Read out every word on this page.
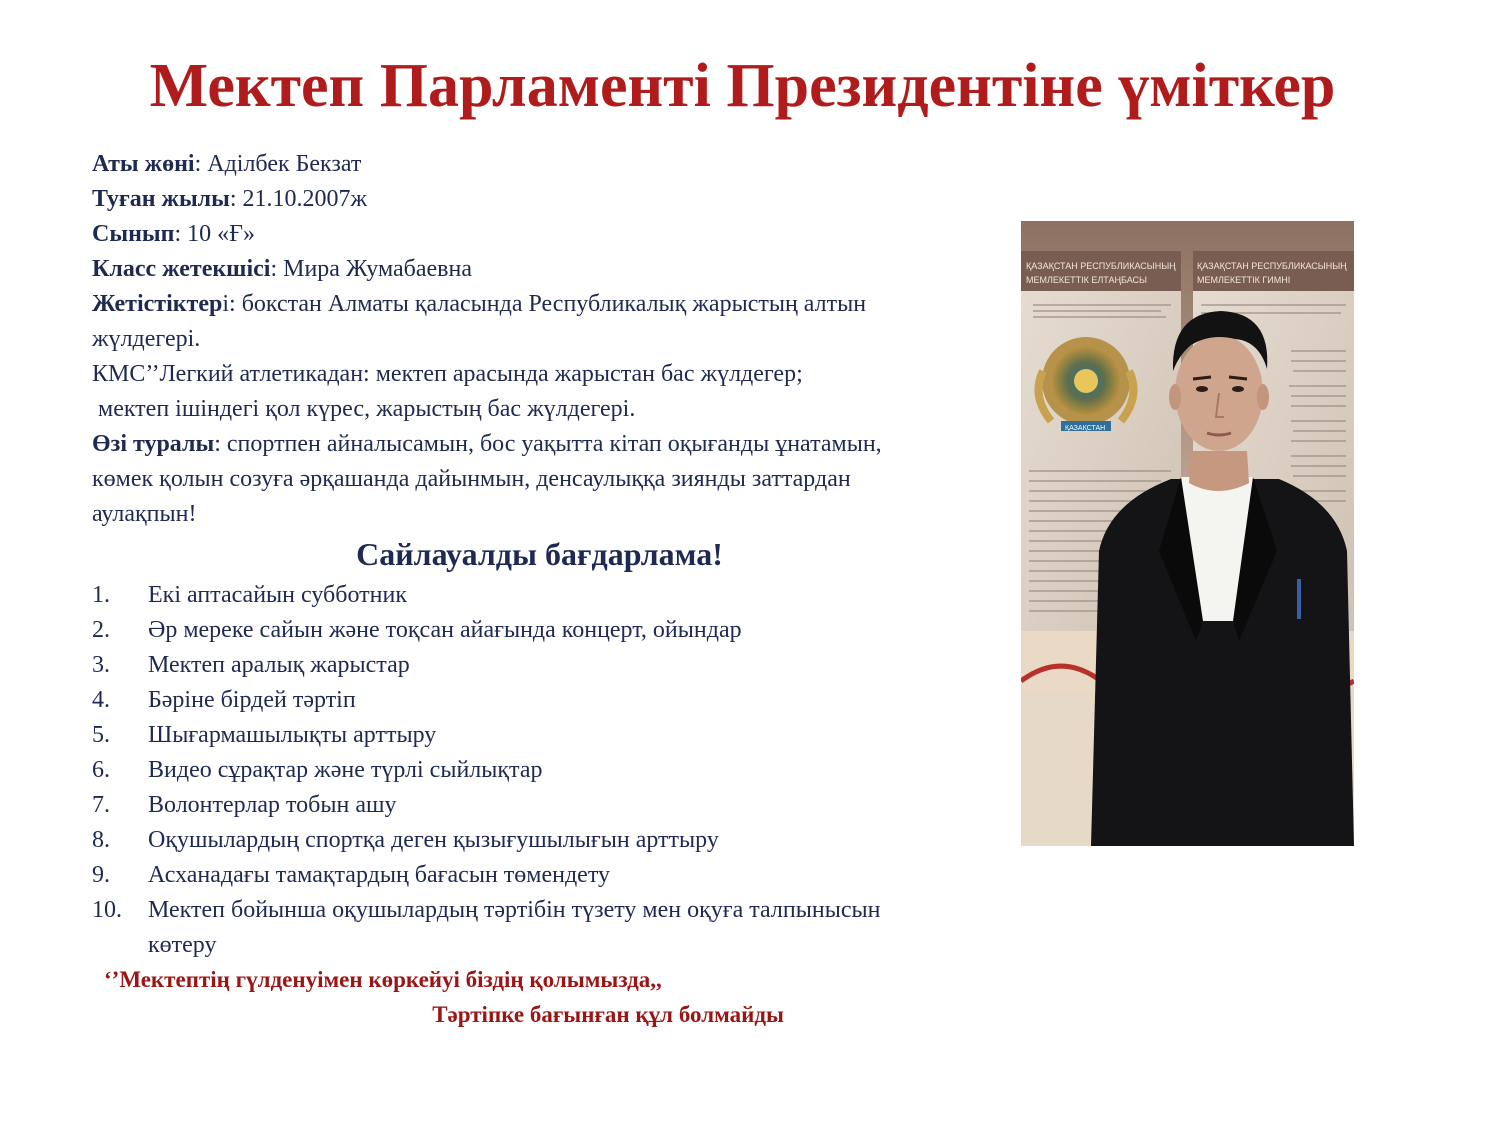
Мектеп Парламенті Президентіне үміткер

Аты жөні: Аділбек Бекзат

Туған жылы: 21.10.2007ж

Сынып: 10 «Ғ»

Класс жетекшісі: Мира Жумабаевна

Жетістіктері: бокстан Алматы қаласында Республикалық жарыстың алтын жүлдегері.

КМС’’Легкий атлетикадан: мектеп арасында жарыстан бас жүлдегер;

мектеп ішіндегі қол күрес, жарыстың бас жүлдегері.

Өзі туралы: спортпен айналысамын, бос уақытта кітап оқығанды ұнатамын, көмек қолын созуға әрқашанда дайынмын, денсаулыққа зиянды заттардан аулақпын!

Сайлауалды бағдарлама!
1.	Екі аптасайын субботник
2.	Әр мереке сайын және тоқсан айағында концерт, ойындар
3.	Мектеп аралық жарыстар
4.	Бәріне бірдей тәртіп
5.	Шығармашылықты арттыру
6.	Видео сұрақтар және түрлі сыйлықтар
7.	Волонтерлар тобын ашу
8.	Оқушылардың спортқа деген қызығушылығын арттыру
9.	Асханадағы тамақтардың бағасын төмендету
10.	Мектеп бойынша оқушылардың тәртібін түзету мен оқуға талпынысын көтеру

‘’Мектептің гүлденуімен көркейуі біздің қолымызда,,

Тәртіпке бағынған құл болмайды

ҚАЗАҚСТАН РЕСПУБЛИКАСЫНЫҢ
МЕМЛЕКЕТТІК ЕЛТАҢБАСЫ
ҚАЗАҚСТАН РЕСПУБЛИКАСЫНЫҢ
МЕМЛЕКЕТТІК ГИМНІ
ҚАЗАҚСТАН
